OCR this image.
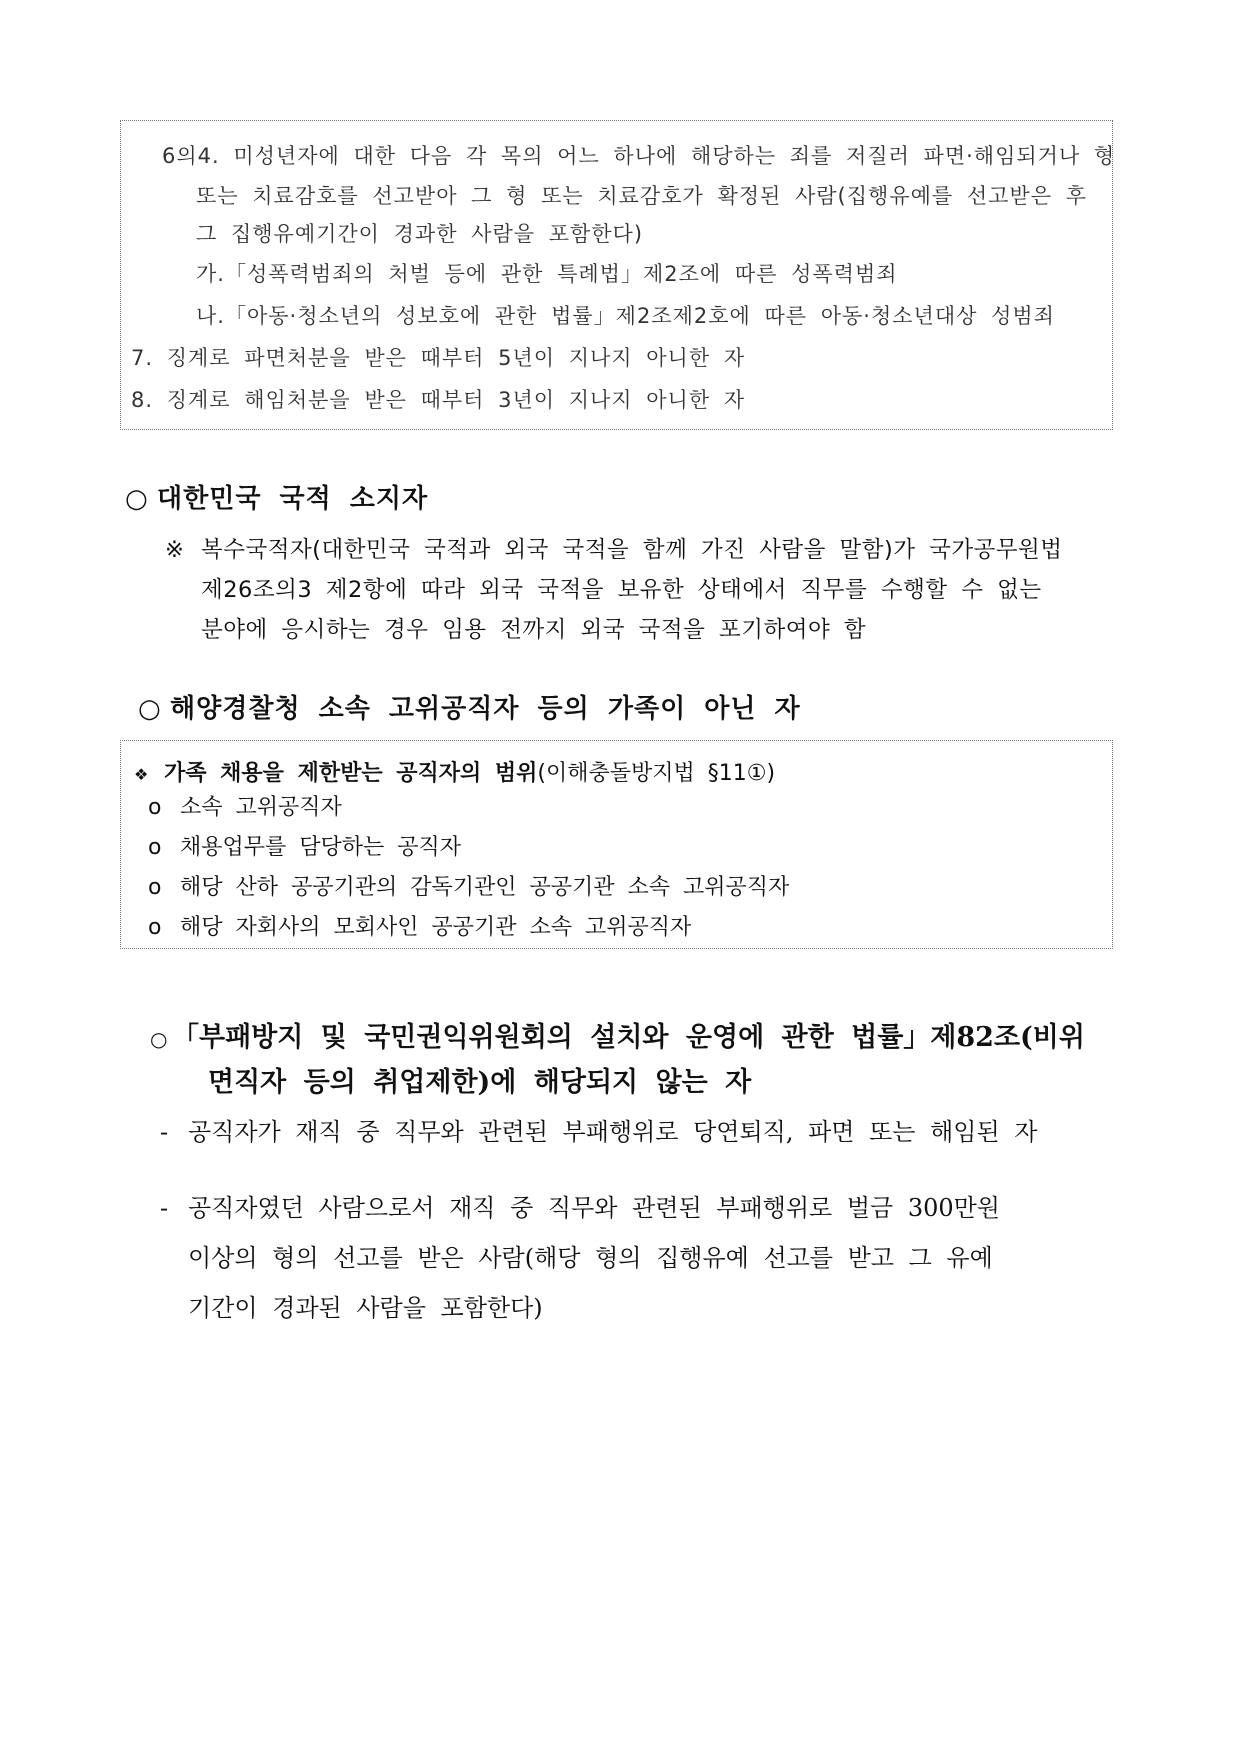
6의4. 미성년자에 대한 다음 각 목의 어느 하나에 해당하는 죄를 저질러 파면·해임되거나 형
또는 치료감호를 선고받아 그 형 또는 치료감호가 확정된 사람(집행유예를 선고받은 후
그 집행유예기간이 경과한 사람을 포함한다)
가.「성폭력범죄의 처벌 등에 관한 특례법」제2조에 따른 성폭력범죄
나.「아동·청소년의 성보호에 관한 법률」제2조제2호에 따른 아동·청소년대상 성범죄
7. 징계로 파면처분을 받은 때부터 5년이 지나지 아니한 자
8. 징계로 해임처분을 받은 때부터 3년이 지나지 아니한 자
○ 대한민국 국적 소지자
※ 복수국적자(대한민국 국적과 외국 국적을 함께 가진 사람을 말함)가 국가공무원법
제26조의3 제2항에 따라 외국 국적을 보유한 상태에서 직무를 수행할 수 없는
분야에 응시하는 경우 임용 전까지 외국 국적을 포기하여야 함
○ 해양경찰청 소속 고위공직자 등의 가족이 아닌 자
❖ 가족 채용을 제한받는 공직자의 범위(이해충돌방지법 §11①)
o 소속 고위공직자
o 채용업무를 담당하는 공직자
o 해당 산하 공공기관의 감독기관인 공공기관 소속 고위공직자
o 해당 자회사의 모회사인 공공기관 소속 고위공직자
○ 「부패방지 및 국민권익위원회의 설치와 운영에 관한 법률」제82조(비위
면직자 등의 취업제한)에 해당되지 않는 자
- 공직자가 재직 중 직무와 관련된 부패행위로 당연퇴직, 파면 또는 해임된 자
- 공직자였던 사람으로서 재직 중 직무와 관련된 부패행위로 벌금 300만원
이상의 형의 선고를 받은 사람(해당 형의 집행유예 선고를 받고 그 유예
기간이 경과된 사람을 포함한다)
